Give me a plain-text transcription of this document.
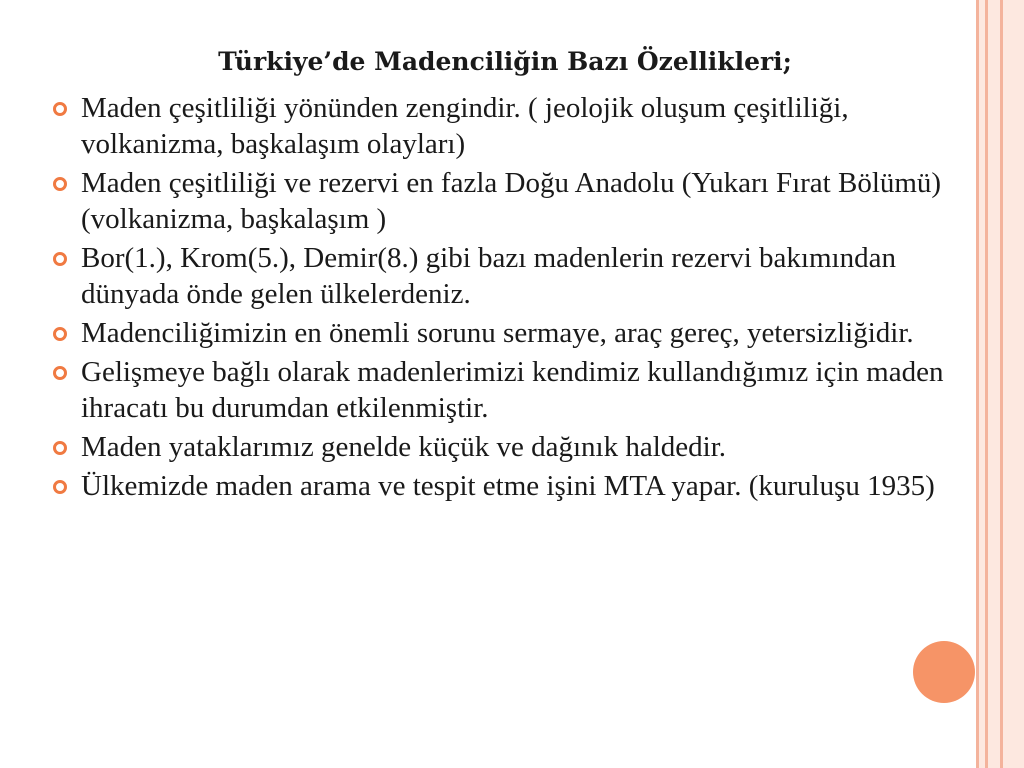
Türkiye’de Madenciliğin Bazı Özellikleri;
Maden çeşitliliği yönünden zengindir. ( jeolojik oluşum çeşitliliği, volkanizma, başkalaşım olayları)
Maden çeşitliliği ve rezervi en fazla Doğu Anadolu (Yukarı Fırat Bölümü) (volkanizma, başkalaşım )
Bor(1.), Krom(5.), Demir(8.) gibi bazı madenlerin rezervi bakımından dünyada önde gelen ülkelerdeniz.
Madenciliğimizin en önemli sorunu sermaye, araç gereç, yetersizliğidir.
Gelişmeye bağlı olarak madenlerimizi kendimiz kullandığımız için maden ihracatı bu durumdan etkilenmiştir.
Maden yataklarımız genelde küçük ve dağınık haldedir.
Ülkemizde maden arama ve tespit etme işini MTA yapar. (kuruluşu 1935)
